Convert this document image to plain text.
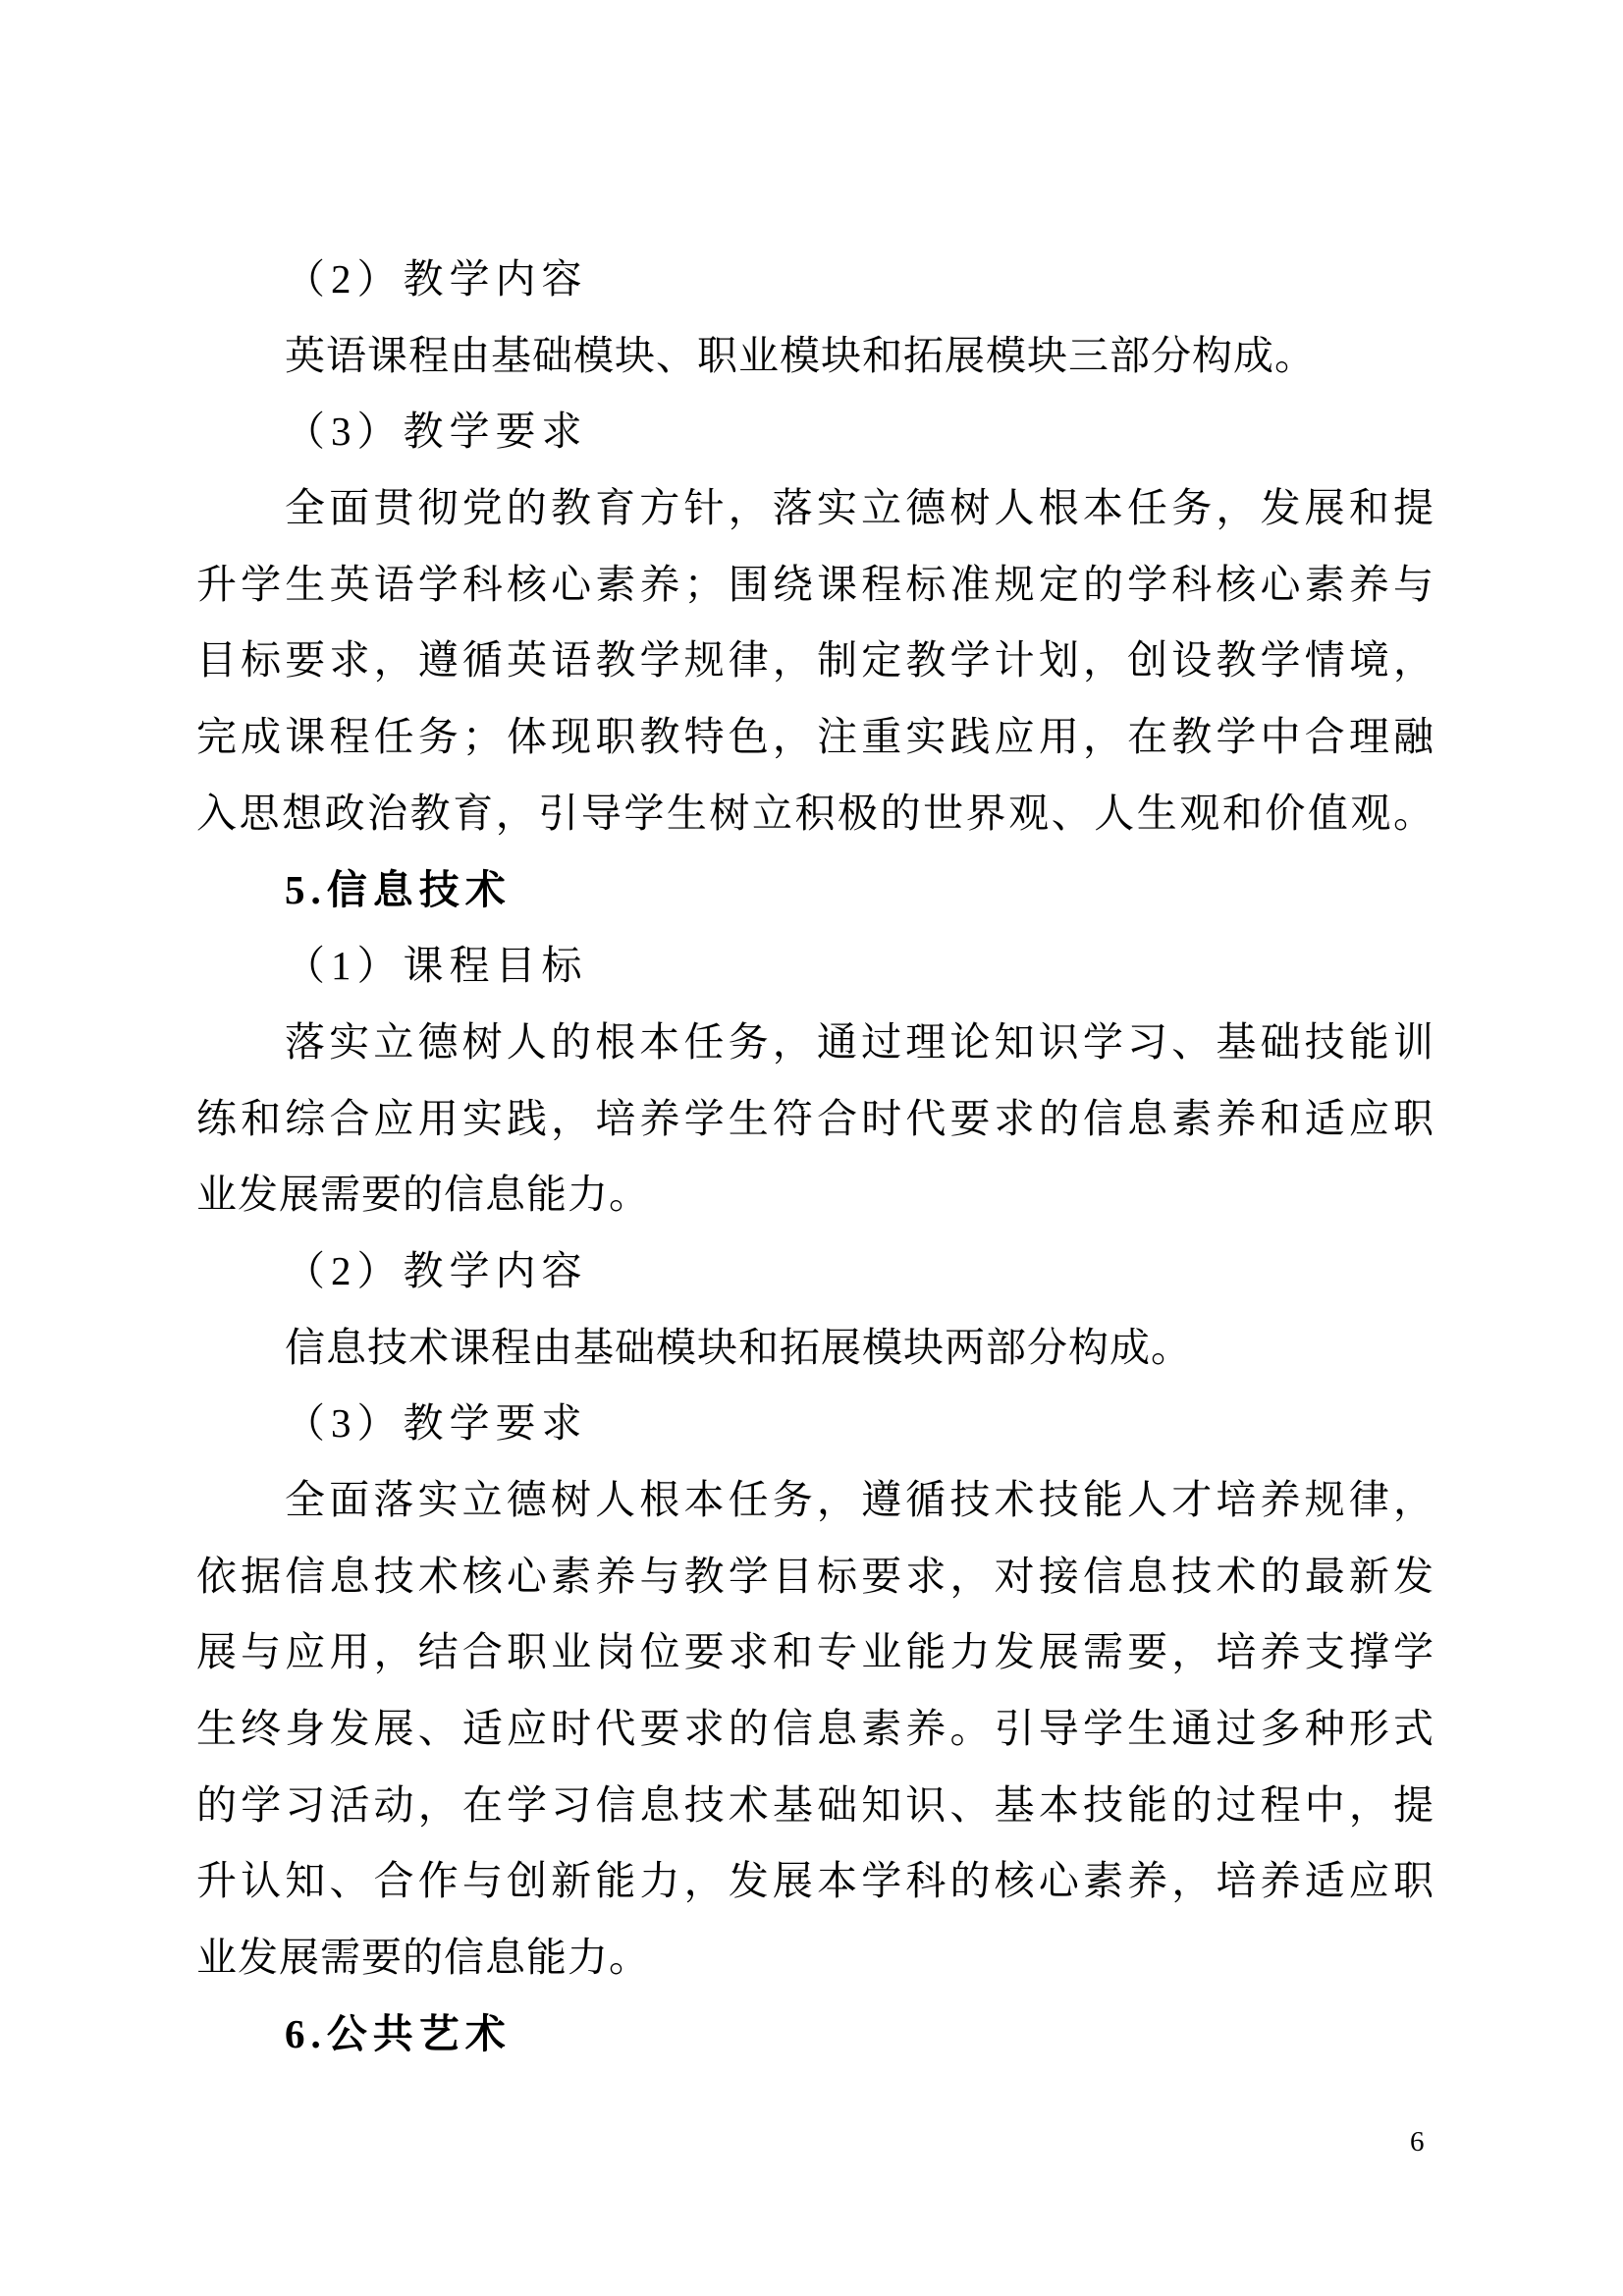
（2）教学内容
英语课程由基础模块、职业模块和拓展模块三部分构成。
（3）教学要求
全面贯彻党的教育方针，落实立德树人根本任务，发展和提
升学生英语学科核心素养；围绕课程标准规定的学科核心素养与
目标要求，遵循英语教学规律，制定教学计划，创设教学情境，
完成课程任务；体现职教特色，注重实践应用，在教学中合理融
入思想政治教育，引导学生树立积极的世界观、人生观和价值观。
5.信息技术
（1）课程目标
落实立德树人的根本任务，通过理论知识学习、基础技能训
练和综合应用实践，培养学生符合时代要求的信息素养和适应职
业发展需要的信息能力。
（2）教学内容
信息技术课程由基础模块和拓展模块两部分构成。
（3）教学要求
全面落实立德树人根本任务，遵循技术技能人才培养规律，
依据信息技术核心素养与教学目标要求，对接信息技术的最新发
展与应用，结合职业岗位要求和专业能力发展需要，培养支撑学
生终身发展、适应时代要求的信息素养。引导学生通过多种形式
的学习活动，在学习信息技术基础知识、基本技能的过程中，提
升认知、合作与创新能力，发展本学科的核心素养，培养适应职
业发展需要的信息能力。
6.公共艺术
6
